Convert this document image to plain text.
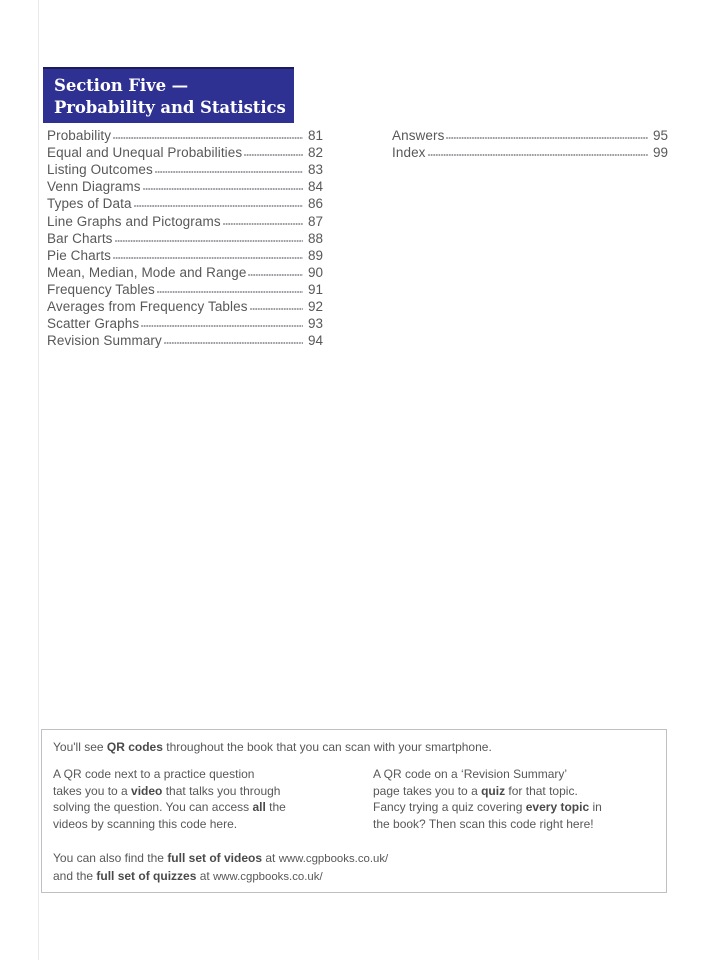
Section Five —
Probability and Statistics
Probability	81
Equal and Unequal Probabilities	82
Listing Outcomes	83
Venn Diagrams	84
Types of Data	86
Line Graphs and Pictograms	87
Bar Charts	88
Pie Charts	89
Mean, Median, Mode and Range	90
Frequency Tables	91
Averages from Frequency Tables	92
Scatter Graphs	93
Revision Summary	94
Answers	95
Index	99
You'll see QR codes throughout the book that you can scan with your smartphone.
A QR code next to a practice question
takes you to a video that talks you through
solving the question. You can access all the
videos by scanning this code here.
A QR code on a ‘Revision Summary’
page takes you to a quiz for that topic.
Fancy trying a quiz covering every topic in
the book? Then scan this code right here!
You can also find the full set of videos at www.cgpbooks.co.uk/
and the full set of quizzes at www.cgpbooks.co.uk/
